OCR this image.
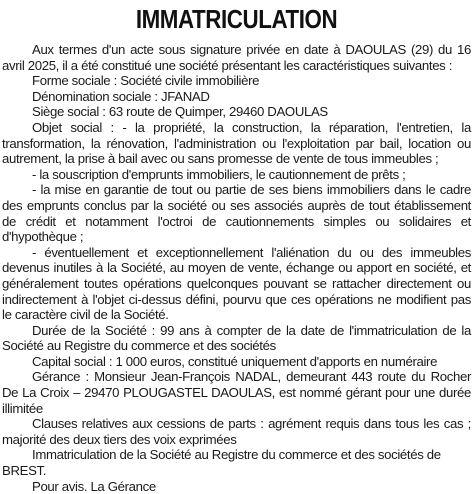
IMMATRICULATION

Aux termes d'un acte sous signature privée en date à DAOULAS (29) du 16 avril 2025, il a été constitué une société présentant les caractéristiques suivantes :

Forme sociale : Société civile immobilière

Dénomination sociale : JFANAD

Siège social : 63 route de Quimper, 29460 DAOULAS

Objet social : - la propriété, la construction, la réparation, l'entretien, la transformation, la rénovation, l'administration ou l'exploitation par bail, location ou autrement, la prise à bail avec ou sans promesse de vente de tous immeubles ;

- la souscription d'emprunts immobiliers, le cautionnement de prêts ;

- la mise en garantie de tout ou partie de ses biens immobiliers dans le cadre des emprunts conclus par la société ou ses associés auprès de tout établissement de crédit et notamment l'octroi de cautionnements simples ou solidaires et d'hypothèque ;

- éventuellement et exceptionnellement l'aliénation du ou des immeubles devenus inutiles à la Société, au moyen de vente, échange ou apport en société, et généralement toutes opérations quelconques pouvant se rattacher directement ou indirectement à l'objet ci-dessus défini, pourvu que ces opérations ne modifient pas le caractère civil de la Société.

Durée de la Société : 99 ans à compter de la date de l'immatriculation de la Société au Registre du commerce et des sociétés

Capital social : 1 000 euros, constitué uniquement d'apports en numéraire

Gérance : Monsieur Jean-François NADAL, demeurant 443 route du Rocher De La Croix – 29470 PLOUGASTEL DAOULAS, est nommé gérant pour une durée illimitée

Clauses relatives aux cessions de parts : agrément requis dans tous les cas ; majorité des deux tiers des voix exprimées

Immatriculation de la Société au Registre du commerce et des sociétés de BREST.

Pour avis. La Gérance
